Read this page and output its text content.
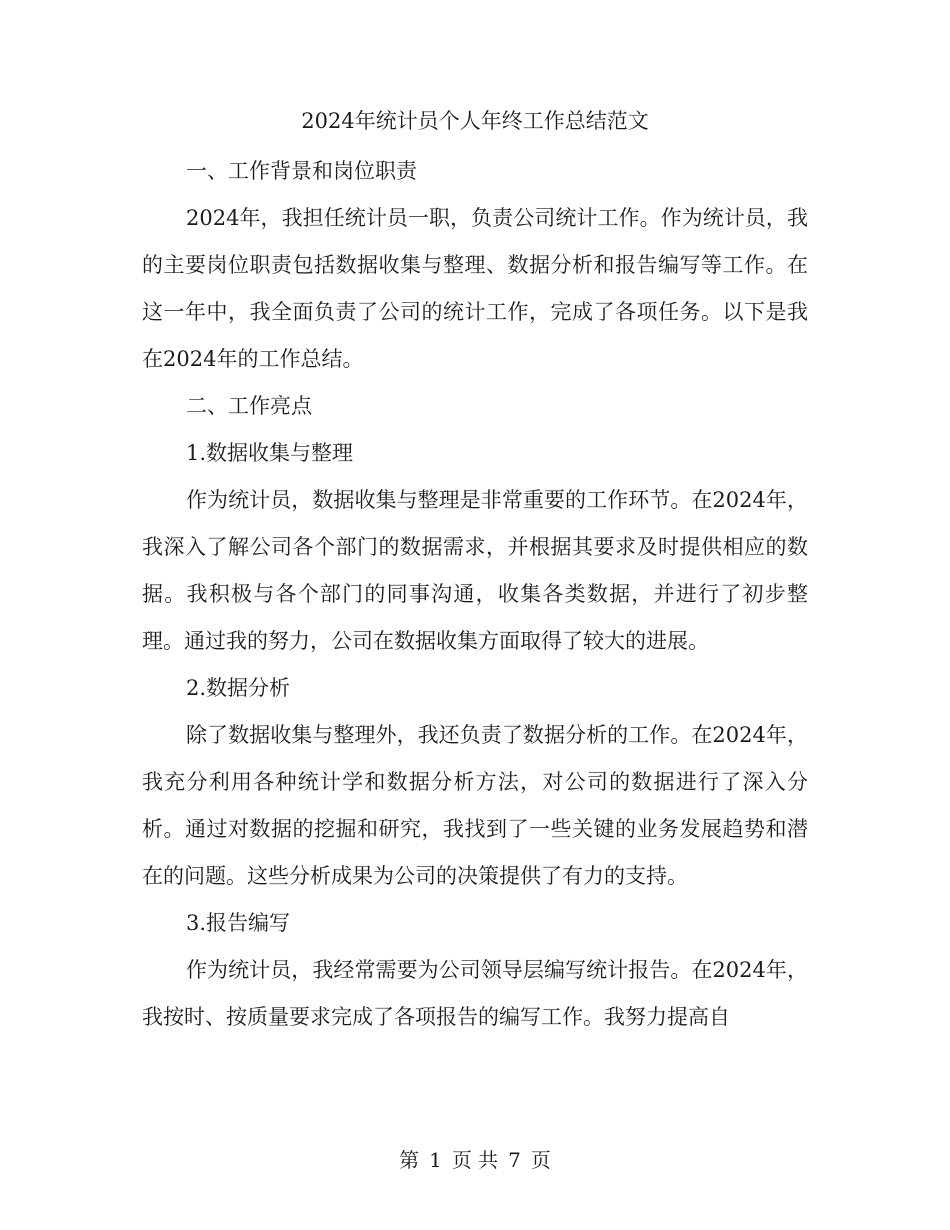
2024年统计员个人年终工作总结范文

一、工作背景和岗位职责

2024年，我担任统计员一职，负责公司统计工作。作为统计员，我的主要岗位职责包括数据收集与整理、数据分析和报告编写等工作。在这一年中，我全面负责了公司的统计工作，完成了各项任务。以下是我在2024年的工作总结。

二、工作亮点

1.数据收集与整理

作为统计员，数据收集与整理是非常重要的工作环节。在2024年，我深入了解公司各个部门的数据需求，并根据其要求及时提供相应的数据。我积极与各个部门的同事沟通，收集各类数据，并进行了初步整理。通过我的努力，公司在数据收集方面取得了较大的进展。

2.数据分析

除了数据收集与整理外，我还负责了数据分析的工作。在2024年，我充分利用各种统计学和数据分析方法，对公司的数据进行了深入分析。通过对数据的挖掘和研究，我找到了一些关键的业务发展趋势和潜在的问题。这些分析成果为公司的决策提供了有力的支持。

3.报告编写

作为统计员，我经常需要为公司领导层编写统计报告。在2024年，我按时、按质量要求完成了各项报告的编写工作。我努力提高自

第 1 页 共 7 页
